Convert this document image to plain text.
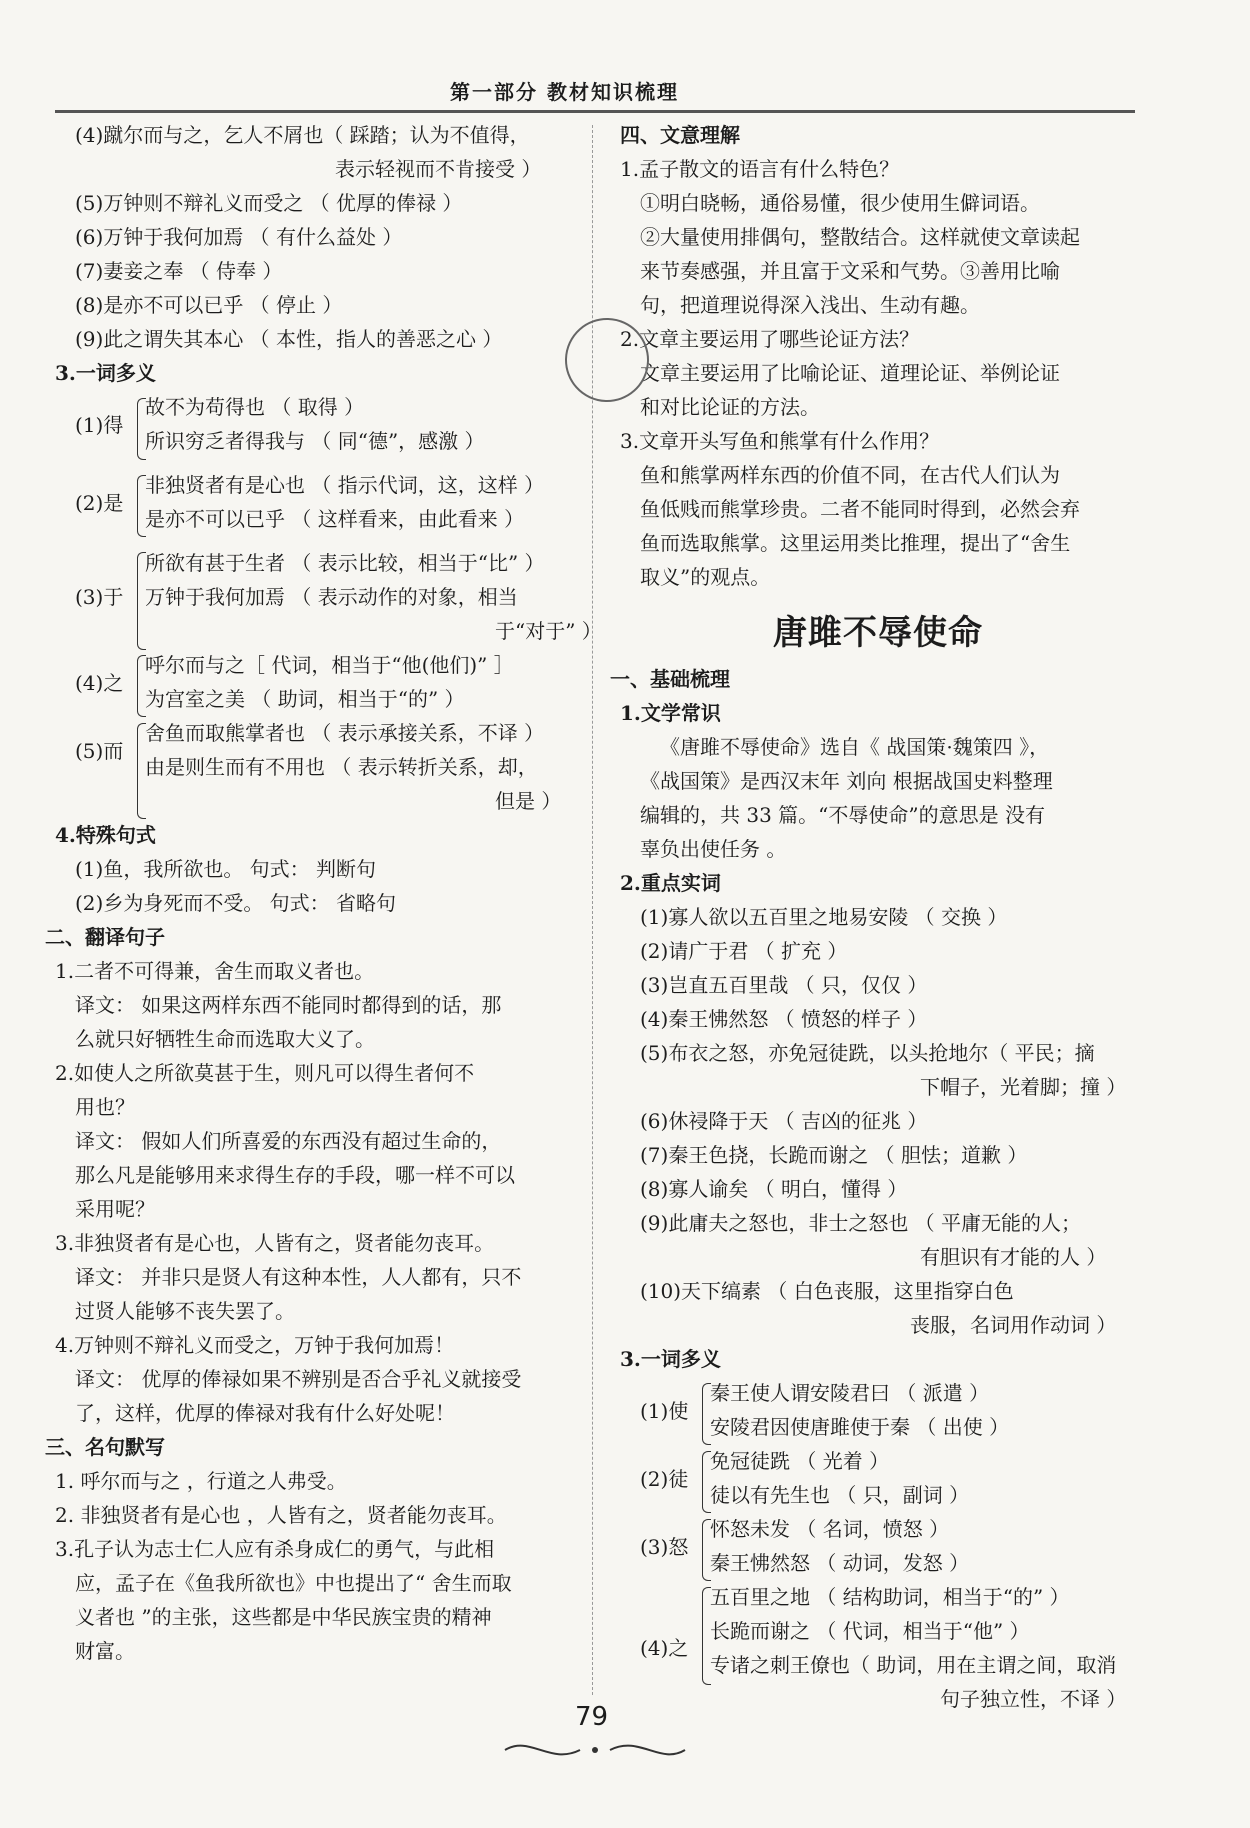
第一部分 教材知识梳理
(4)蹴尔而与之，乞人不屑也（ 踩踏；认为不值得，
表示轻视而不肯接受 ）
(5)万钟则不辩礼义而受之 （ 优厚的俸禄 ）
(6)万钟于我何加焉 （ 有什么益处 ）
(7)妻妾之奉 （ 侍奉 ）
(8)是亦不可以已乎 （ 停止 ）
(9)此之谓失其本心 （ 本性，指人的善恶之心 ）
3.一词多义
故不为苟得也 （ 取得 ）
(1)得
所识穷乏者得我与 （ 同“德”，感激 ）
非独贤者有是心也 （ 指示代词，这，这样 ）
(2)是
是亦不可以已乎 （ 这样看来，由此看来 ）
所欲有甚于生者 （ 表示比较，相当于“比” ）
(3)于 万钟于我何加焉 （ 表示动作的对象，相当
于“对于” ）
呼尔而与之［ 代词，相当于“他(他们)” ］
(4)之
为宫室之美 （ 助词，相当于“的” ）
舍鱼而取熊掌者也 （ 表示承接关系，不译 ）
(5)而
由是则生而有不用也 （ 表示转折关系，却，
但是 ）
4.特殊句式
(1)鱼，我所欲也。 句式： 判断句
(2)乡为身死而不受。 句式： 省略句
二、翻译句子
1.二者不可得兼，舍生而取义者也。
译文： 如果这两样东西不能同时都得到的话，那
么就只好牺牲生命而选取大义了。
2.如使人之所欲莫甚于生，则凡可以得生者何不
用也？
译文： 假如人们所喜爱的东西没有超过生命的，
那么凡是能够用来求得生存的手段，哪一样不可以
采用呢？
3.非独贤者有是心也，人皆有之，贤者能勿丧耳。
译文： 并非只是贤人有这种本性，人人都有，只不
过贤人能够不丧失罢了。
4.万钟则不辩礼义而受之，万钟于我何加焉！
译文： 优厚的俸禄如果不辨别是否合乎礼义就接受
了，这样，优厚的俸禄对我有什么好处呢！
三、名句默写
1. 呼尔而与之 ，行道之人弗受。
2. 非独贤者有是心也 ，人皆有之，贤者能勿丧耳。
3.孔子认为志士仁人应有杀身成仁的勇气，与此相
应，孟子在《鱼我所欲也》中也提出了“ 舍生而取
义者也 ”的主张，这些都是中华民族宝贵的精神
财富。
四、文意理解
1.孟子散文的语言有什么特色？
①明白晓畅，通俗易懂，很少使用生僻词语。
②大量使用排偶句，整散结合。这样就使文章读起
来节奏感强，并且富于文采和气势。③善用比喻
句，把道理说得深入浅出、生动有趣。
2.文章主要运用了哪些论证方法？
文章主要运用了比喻论证、道理论证、举例论证
和对比论证的方法。
3.文章开头写鱼和熊掌有什么作用？
鱼和熊掌两样东西的价值不同，在古代人们认为
鱼低贱而熊掌珍贵。二者不能同时得到，必然会弃
鱼而选取熊掌。这里运用类比推理，提出了“舍生
取义”的观点。
一、基础梳理
1.文学常识
《唐雎不辱使命》选自《 战国策·魏策四 》，
《战国策》是西汉末年 刘向 根据战国史料整理
编辑的，共 33 篇。“不辱使命”的意思是 没有
辜负出使任务 。
2.重点实词
(1)寡人欲以五百里之地易安陵 （ 交换 ）
(2)请广于君 （ 扩充 ）
(3)岂直五百里哉 （ 只，仅仅 ）
(4)秦王怫然怒 （ 愤怒的样子 ）
(5)布衣之怒，亦免冠徒跣，以头抢地尔（ 平民；摘
下帽子，光着脚；撞 ）
(6)休祲降于天 （ 吉凶的征兆 ）
(7)秦王色挠，长跪而谢之 （ 胆怯；道歉 ）
(8)寡人谕矣 （ 明白，懂得 ）
(9)此庸夫之怒也，非士之怒也 （ 平庸无能的人；
有胆识有才能的人 ）
(10)天下缟素 （ 白色丧服，这里指穿白色
丧服，名词用作动词 ）
3.一词多义
秦王使人谓安陵君曰 （ 派遣 ）
(1)使
安陵君因使唐雎使于秦 （ 出使 ）
免冠徒跣 （ 光着 ）
(2)徒
徒以有先生也 （ 只，副词 ）
怀怒未发 （ 名词，愤怒 ）
(3)怒
秦王怫然怒 （ 动词，发怒 ）
五百里之地 （ 结构助词，相当于“的” ）
(4)之
长跪而谢之 （ 代词，相当于“他” ）
专诸之刺王僚也（ 助词，用在主谓之间，取消
句子独立性，不译 ）
唐雎不辱使命
79
